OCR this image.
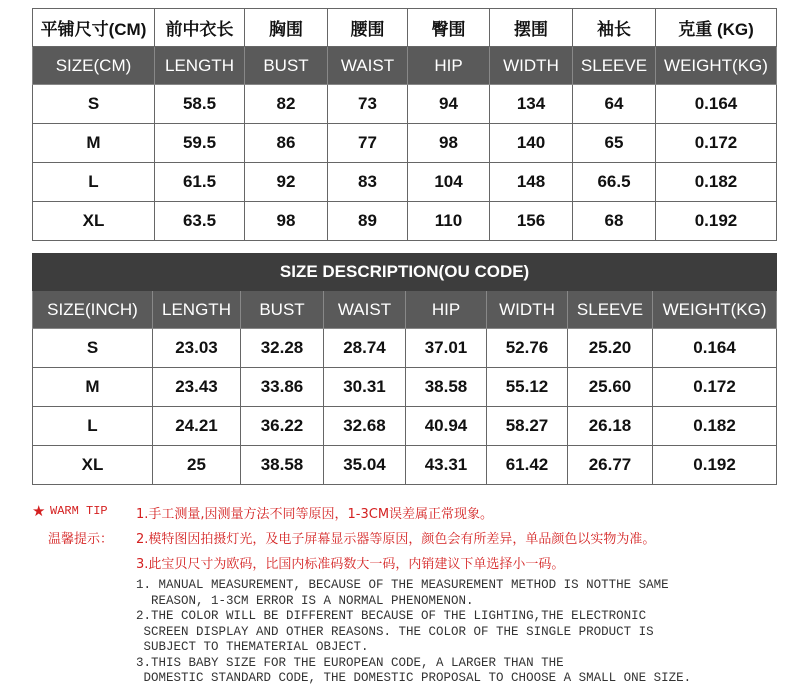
平铺尺寸(CM)	前中衣长	胸围	腰围	臀围	摆围	袖长	克重 (KG)
SIZE(CM)	LENGTH	BUST	WAIST	HIP	WIDTH	SLEEVE	WEIGHT(KG)
S	58.5	82	73	94	134	64	0.164
M	59.5	86	77	98	140	65	0.172
L	61.5	92	83	104	148	66.5	0.182
XL	63.5	98	89	110	156	68	0.192
SIZE DESCRIPTION(OU CODE)							
SIZE(INCH)	LENGTH	BUST	WAIST	HIP	WIDTH	SLEEVE	WEIGHT(KG)
S	23.03	32.28	28.74	37.01	52.76	25.20	0.164
M	23.43	33.86	30.31	38.58	55.12	25.60	0.172
L	24.21	36.22	32.68	40.94	58.27	26.18	0.182
XL	25	38.58	35.04	43.31	61.42	26.77	0.192
★ WARM TIP
温馨提示：
1.手工测量,因测量方法不同等原因，1-3CM误差属正常现象。
2.模特图因拍摄灯光，及电子屏幕显示器等原因，颜色会有所差异，单品颜色以实物为准。
3.此宝贝尺寸为欧码，比国内标准码数大一码，内销建议下单选择小一码。
1. MANUAL MEASUREMENT, BECAUSE OF THE MEASUREMENT METHOD IS NOTTHE SAME
REASON, 1-3CM ERROR IS A NORMAL PHENOMENON.
2.THE COLOR WILL BE DIFFERENT BECAUSE OF THE LIGHTING,THE ELECTRONIC
SCREEN DISPLAY AND OTHER REASONS. THE COLOR OF THE SINGLE PRODUCT IS
SUBJECT TO THEMATERIAL OBJECT.
3.THIS BABY SIZE FOR THE EUROPEAN CODE, A LARGER THAN THE
DOMESTIC STANDARD CODE, THE DOMESTIC PROPOSAL TO CHOOSE A SMALL ONE SIZE.
